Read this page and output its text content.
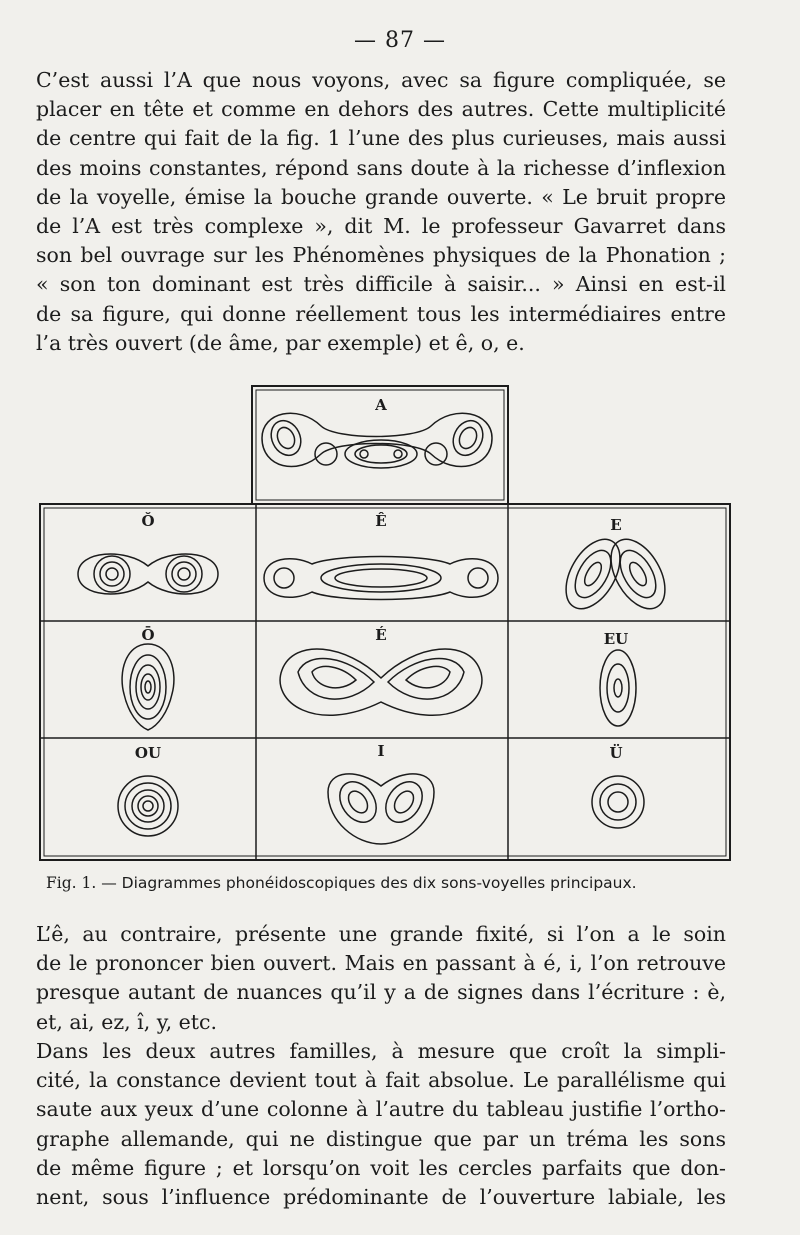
— 87 —
C’est aussi l’A que nous voyons, avec sa figure compliquée, se
placer en tête et comme en dehors des autres. Cette multiplicité
de centre qui fait de la fig. 1 l’une des plus curieuses, mais aussi
des moins constantes, répond sans doute à la richesse d’inflexion
de la voyelle, émise la bouche grande ouverte. « Le bruit propre
de l’A est très complexe », dit M. le professeur Gavarret dans
son bel ouvrage sur les Phénomènes physiques de la Phonation ;
« son ton dominant est très difficile à saisir... » Ainsi en est-il
de sa figure, qui donne réellement tous les intermédiaires entre
l’a très ouvert (de âme, par exemple) et ê, o, e.
A
Ŏ	Ê	E
Ō	É	EU
OU	I	Ü
Fig. 1. — Diagrammes phonéidoscopiques des dix sons-voyelles principaux.
L’ê, au contraire, présente une grande fixité, si l’on a le soin
de le prononcer bien ouvert. Mais en passant à é, i, l’on retrouve
presque autant de nuances qu’il y a de signes dans l’écriture : è,
et, ai, ez, î, y, etc.
Dans les deux autres familles, à mesure que croît la simpli-
cité, la constance devient tout à fait absolue. Le parallélisme qui
saute aux yeux d’une colonne à l’autre du tableau justifie l’ortho-
graphe allemande, qui ne distingue que par un tréma les sons
de même figure ; et lorsqu’on voit les cercles parfaits que don-
nent, sous l’influence prédominante de l’ouverture labiale, les
